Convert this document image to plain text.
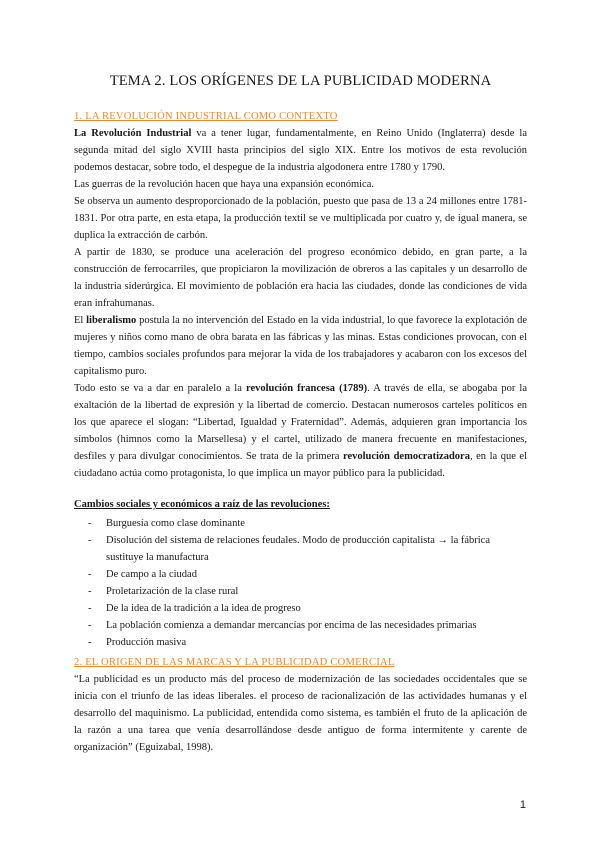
TEMA 2. LOS ORÍGENES DE LA PUBLICIDAD MODERNA
1. LA REVOLUCIÓN INDUSTRIAL COMO CONTEXTO

La Revolución Industrial va a tener lugar, fundamentalmente, en Reino Unido (Inglaterra) desde la segunda mitad del siglo XVIII hasta principios del siglo XIX. Entre los motivos de esta revolución podemos destacar, sobre todo, el despegue de la industria algodonera entre 1780 y 1790.

Las guerras de la revolución hacen que haya una expansión económica.

Se observa un aumento desproporcionado de la población, puesto que pasa de 13 a 24 millones entre 1781-1831. Por otra parte, en esta etapa, la producción textil se ve multiplicada por cuatro y, de igual manera, se duplica la extracción de carbón.

A partir de 1830, se produce una aceleración del progreso económico debido, en gran parte, a la construcción de ferrocarriles, que propiciaron la movilización de obreros a las capitales y un desarrollo de la industria siderúrgica. El movimiento de población era hacia las ciudades, donde las condiciones de vida eran infrahumanas.

El liberalismo postula la no intervención del Estado en la vida industrial, lo que favorece la explotación de mujeres y niños como mano de obra barata en las fábricas y las minas. Estas condiciones provocan, con el tiempo, cambios sociales profundos para mejorar la vida de los trabajadores y acabaron con los excesos del capitalismo puro.

Todo esto se va a dar en paralelo a la revolución francesa (1789). A través de ella, se abogaba por la exaltación de la libertad de expresión y la libertad de comercio. Destacan numerosos carteles políticos en los que aparece el slogan: “Libertad, Igualdad y Fraternidad”. Además, adquieren gran importancia los símbolos (himnos como la Marsellesa) y el cartel, utilizado de manera frecuente en manifestaciones, desfiles y para divulgar conocimientos. Se trata de la primera revolución democratizadora, en la que el ciudadano actúa como protagonista, lo que implica un mayor público para la publicidad.

Cambios sociales y económicos a raíz de las revoluciones:

- Burguesía como clase dominante
- Disolución del sistema de relaciones feudales. Modo de producción capitalista → la fábrica sustituye la manufactura
- De campo a la ciudad
- Proletarización de la clase rural
- De la idea de la tradición a la idea de progreso
- La población comienza a demandar mercancías por encima de las necesidades primarias
- Producción masiva
2. EL ORIGEN DE LAS MARCAS Y LA PUBLICIDAD COMERCIAL

“La publicidad es un producto más del proceso de modernización de las sociedades occidentales que se inicia con el triunfo de las ideas liberales. el proceso de racionalización de las actividades humanas y el desarrollo del maquinismo. La publicidad, entendida como sistema, es también el fruto de la aplicación de la razón a una tarea que venía desarrollándose desde antiguo de forma intermitente y carente de organización” (Eguizabal, 1998).

1
